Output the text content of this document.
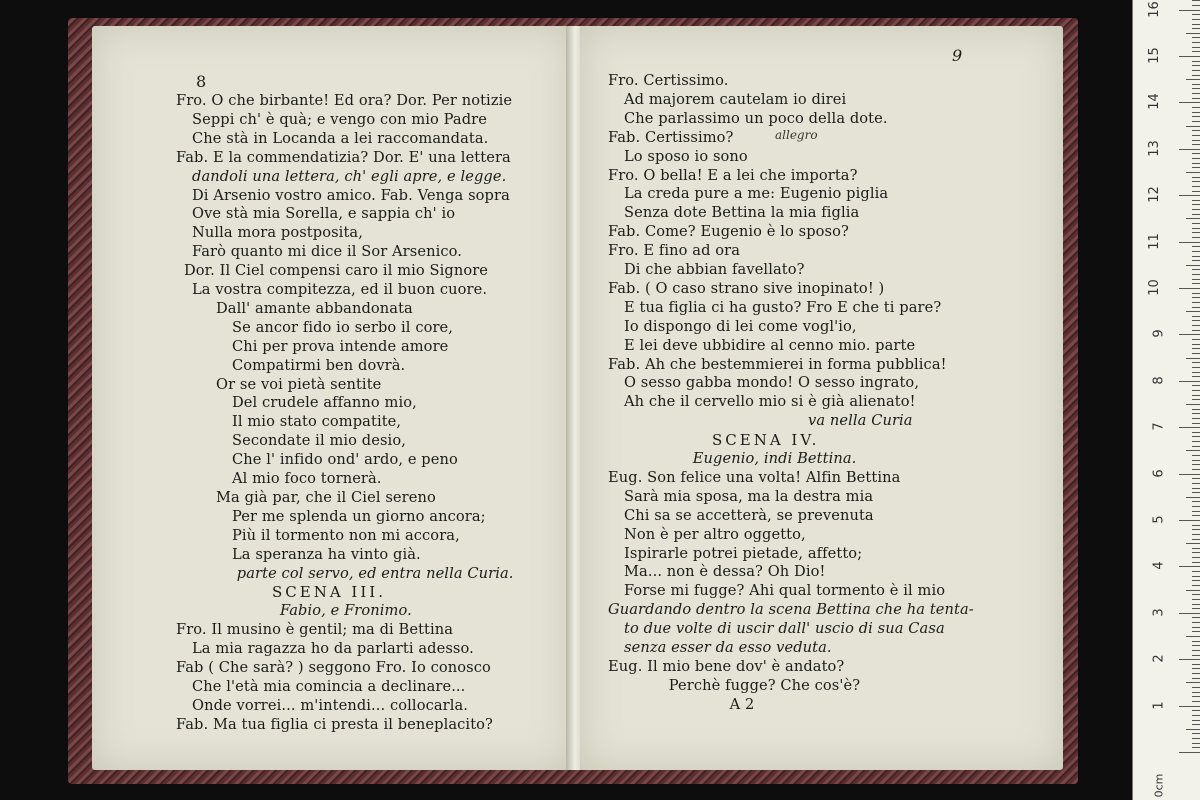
8
Fro. O che birbante! Ed ora? Dor. Per notizie
Seppi ch' è quà; e vengo con mio Padre
Che stà in Locanda a lei raccomandata.
Fab. E la commendatizia? Dor. E' una lettera
dandoli una lettera, ch' egli apre, e legge.
Di Arsenio vostro amico. Fab. Venga sopra
Ove stà mia Sorella, e sappia ch' io
Nulla mora postposita,
Farò quanto mi dice il Sor Arsenico.
Dor. Il Ciel compensi caro il mio Signore
La vostra compitezza, ed il buon cuore.
Dall' amante abbandonata
Se ancor fido io serbo il core,
Chi per prova intende amore
Compatirmi ben dovrà.
Or se voi pietà sentite
Del crudele affanno mio,
Il mio stato compatite,
Secondate il mio desio,
Che l' infido ond' ardo, e peno
Al mio foco tornerà.
Ma già par, che il Ciel sereno
Per me splenda un giorno ancora;
Più il tormento non mi accora,
La speranza ha vinto già.
parte col servo, ed entra nella Curia.
SCENA III.
Fabio, e Fronimo.
Fro. Il musino è gentil; ma di Bettina
La mia ragazza ho da parlarti adesso.
Fab ( Che sarà? ) seggono Fro. Io conosco
Che l'età mia comincia a declinare...
Onde vorrei... m'intendi... collocarla.
Fab. Ma tua figlia ci presta il beneplacito?
9
allegro
Fro. Certissimo.
Ad majorem cautelam io direi
Che parlassimo un poco della dote.
Fab. Certissimo?
Lo sposo io sono
Fro. O bella! E a lei che importa?
La creda pure a me: Eugenio piglia
Senza dote Bettina la mia figlia
Fab. Come? Eugenio è lo sposo?
Fro. E fino ad ora
Di che abbian favellato?
Fab. ( O caso strano sive inopinato! )
E tua figlia ci ha gusto? Fro E che ti pare?
Io dispongo di lei come vogl'io,
E lei deve ubbidire al cenno mio. parte
Fab. Ah che bestemmierei in forma pubblica!
O sesso gabba mondo! O sesso ingrato,
Ah che il cervello mio si è già alienato!
va nella Curia
SCENA IV.
Eugenio, indi Bettina.
Eug. Son felice una volta! Alfin Bettina
Sarà mia sposa, ma la destra mia
Chi sa se accetterà, se prevenuta
Non è per altro oggetto,
Ispirarle potrei pietade, affetto;
Ma... non è dessa? Oh Dio!
Forse mi fugge? Ahi qual tormento è il mio
Guardando dentro la scena Bettina che ha tenta-
to due volte di uscir dall' uscio di sua Casa
senza esser da esso veduta.
Eug. Il mio bene dov' è andato?
Perchè fugge? Che cos'è?
A 2
0cm
1
2
3
4
5
6
7
8
9
10
11
12
13
14
15
16
